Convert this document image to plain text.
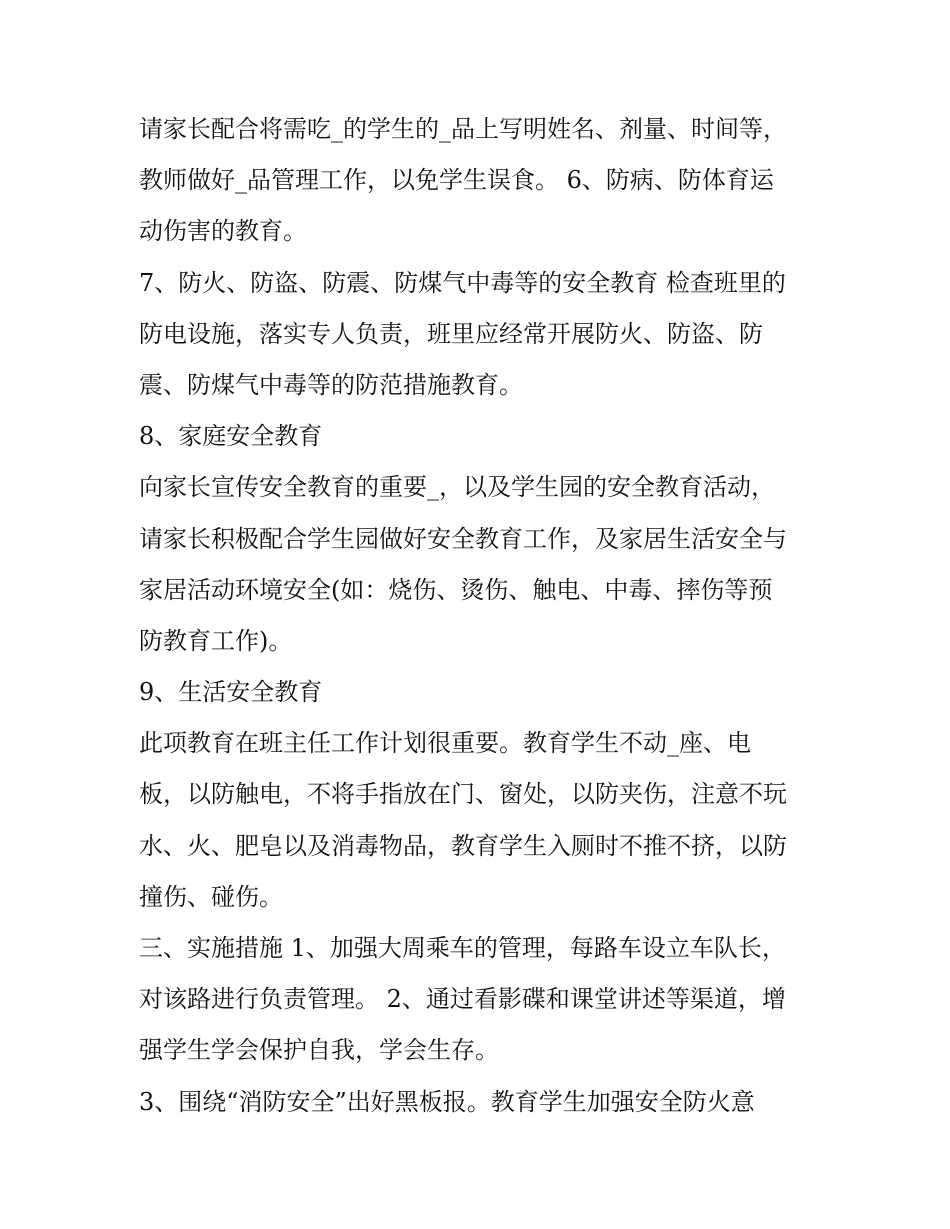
请家长配合将需吃_的学生的_品上写明姓名、剂量、时间等，
教师做好_品管理工作，以免学生误食。 6、防病、防体育运
动伤害的教育。
7、防火、防盗、防震、防煤气中毒等的安全教育 检查班里的
防电设施，落实专人负责，班里应经常开展防火、防盗、防
震、防煤气中毒等的防范措施教育。
8、家庭安全教育
向家长宣传安全教育的重要_，以及学生园的安全教育活动，
请家长积极配合学生园做好安全教育工作，及家居生活安全与
家居活动环境安全(如：烧伤、烫伤、触电、中毒、摔伤等预
防教育工作)。
9、生活安全教育
此项教育在班主任工作计划很重要。教育学生不动_座、电
板，以防触电，不将手指放在门、窗处，以防夹伤，注意不玩
水、火、肥皂以及消毒物品，教育学生入厕时不推不挤，以防
撞伤、碰伤。
三、实施措施 1、加强大周乘车的管理，每路车设立车队长，
对该路进行负责管理。 2、通过看影碟和课堂讲述等渠道，增
强学生学会保护自我，学会生存。
3、围绕“消防安全”出好黑板报。教育学生加强安全防火意
